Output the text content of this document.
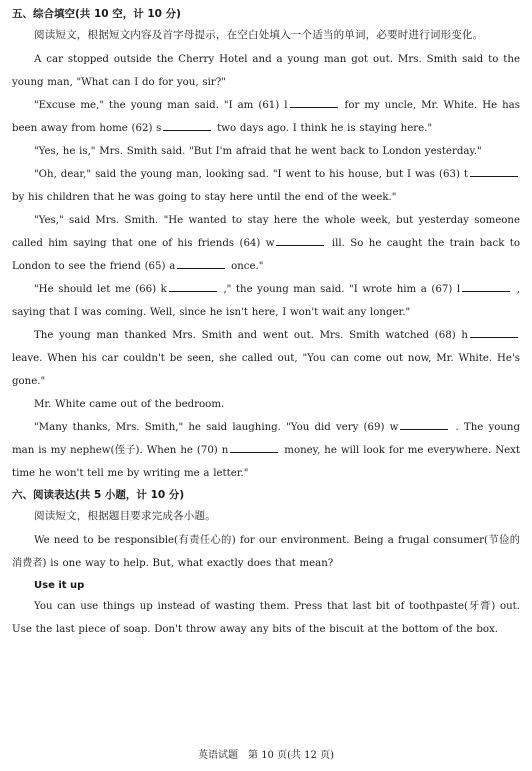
五、综合填空(共 10 空，计 10 分)
阅读短文，根据短文内容及首字母提示，在空白处填入一个适当的单词，必要时进行词形变化。

A car stopped outside the Cherry Hotel and a young man got out. Mrs. Smith said to the young man, "What can I do for you, sir?"

"Excuse me," the young man said. "I am (61) l	for my uncle, Mr. White. He has been away from home (62) s	two days ago. I think he is staying here."

"Yes, he is," Mrs. Smith said. "But I'm afraid that he went back to London yesterday."

"Oh, dear," said the young man, looking sad. "I went to his house, but I was (63) t by his children that he was going to stay here until the end of the week."

"Yes," said Mrs. Smith. "He wanted to stay here the whole week, but yesterday someone called him saying that one of his friends (64) w	ill. So he caught the train back to London to see the friend (65) a	once."

"He should let me (66) k	," the young man said. "I wrote him a (67) l	, saying that I was coming. Well, since he isn't here, I won't wait any longer."

The young man thanked Mrs. Smith and went out. Mrs. Smith watched (68) h leave. When his car couldn't be seen, she called out, "You can come out now, Mr. White. He's gone."

Mr. White came out of the bedroom.

"Many thanks, Mrs. Smith," he said laughing. "You did very (69) w	. The young man is my nephew(侄子). When he (70) n	money, he will look for me everywhere. Next time he won't tell me by writing me a letter."

六、阅读表达(共 5 小题，计 10 分)
阅读短文，根据题目要求完成各小题。

We need to be responsible(有责任心的) for our environment. Being a frugal consumer(节俭的消费者) is one way to help. But, what exactly does that mean?

Use it up

You can use things up instead of wasting them. Press that last bit of toothpaste(牙膏) out. Use the last piece of soap. Don't throw away any bits of the biscuit at the bottom of the box.

英语试题　第 10 页(共 12 页)
